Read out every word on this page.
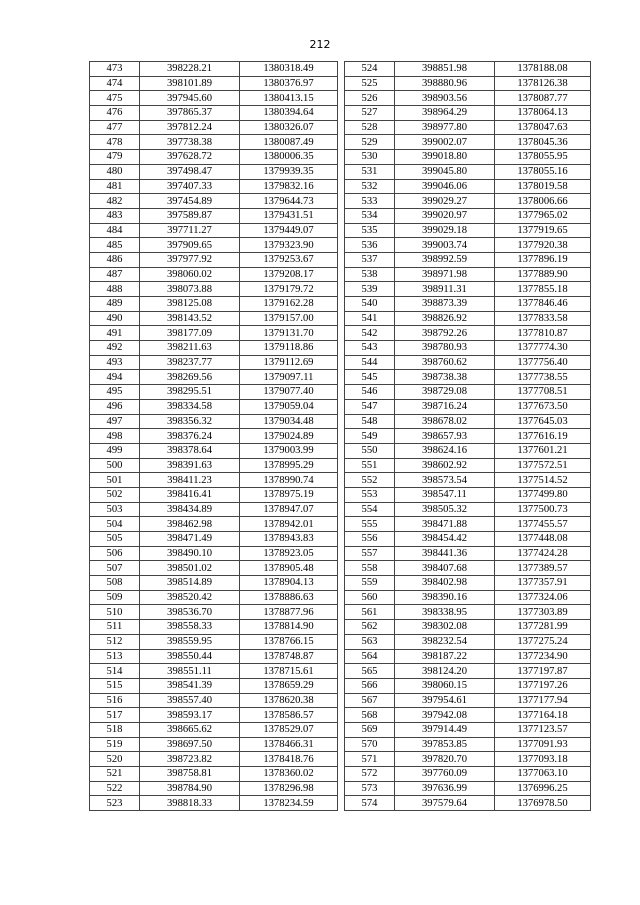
212
473	398228.21	1380318.49
474	398101.89	1380376.97
475	397945.60	1380413.15
476	397865.37	1380394.64
477	397812.24	1380326.07
478	397738.38	1380087.49
479	397628.72	1380006.35
480	397498.47	1379939.35
481	397407.33	1379832.16
482	397454.89	1379644.73
483	397589.87	1379431.51
484	397711.27	1379449.07
485	397909.65	1379323.90
486	397977.92	1379253.67
487	398060.02	1379208.17
488	398073.88	1379179.72
489	398125.08	1379162.28
490	398143.52	1379157.00
491	398177.09	1379131.70
492	398211.63	1379118.86
493	398237.77	1379112.69
494	398269.56	1379097.11
495	398295.51	1379077.40
496	398334.58	1379059.04
497	398356.32	1379034.48
498	398376.24	1379024.89
499	398378.64	1379003.99
500	398391.63	1378995.29
501	398411.23	1378990.74
502	398416.41	1378975.19
503	398434.89	1378947.07
504	398462.98	1378942.01
505	398471.49	1378943.83
506	398490.10	1378923.05
507	398501.02	1378905.48
508	398514.89	1378904.13
509	398520.42	1378886.63
510	398536.70	1378877.96
511	398558.33	1378814.90
512	398559.95	1378766.15
513	398550.44	1378748.87
514	398551.11	1378715.61
515	398541.39	1378659.29
516	398557.40	1378620.38
517	398593.17	1378586.57
518	398665.62	1378529.07
519	398697.50	1378466.31
520	398723.82	1378418.76
521	398758.81	1378360.02
522	398784.90	1378296.98
523	398818.33	1378234.59
524	398851.98	1378188.08
525	398880.96	1378126.38
526	398903.56	1378087.77
527	398964.29	1378064.13
528	398977.80	1378047.63
529	399002.07	1378045.36
530	399018.80	1378055.95
531	399045.80	1378055.16
532	399046.06	1378019.58
533	399029.27	1378006.66
534	399020.97	1377965.02
535	399029.18	1377919.65
536	399003.74	1377920.38
537	398992.59	1377896.19
538	398971.98	1377889.90
539	398911.31	1377855.18
540	398873.39	1377846.46
541	398826.92	1377833.58
542	398792.26	1377810.87
543	398780.93	1377774.30
544	398760.62	1377756.40
545	398738.38	1377738.55
546	398729.08	1377708.51
547	398716.24	1377673.50
548	398678.02	1377645.03
549	398657.93	1377616.19
550	398624.16	1377601.21
551	398602.92	1377572.51
552	398573.54	1377514.52
553	398547.11	1377499.80
554	398505.32	1377500.73
555	398471.88	1377455.57
556	398454.42	1377448.08
557	398441.36	1377424.28
558	398407.68	1377389.57
559	398402.98	1377357.91
560	398390.16	1377324.06
561	398338.95	1377303.89
562	398302.08	1377281.99
563	398232.54	1377275.24
564	398187.22	1377234.90
565	398124.20	1377197.87
566	398060.15	1377197.26
567	397954.61	1377177.94
568	397942.08	1377164.18
569	397914.49	1377123.57
570	397853.85	1377091.93
571	397820.70	1377093.18
572	397760.09	1377063.10
573	397636.99	1376996.25
574	397579.64	1376978.50
